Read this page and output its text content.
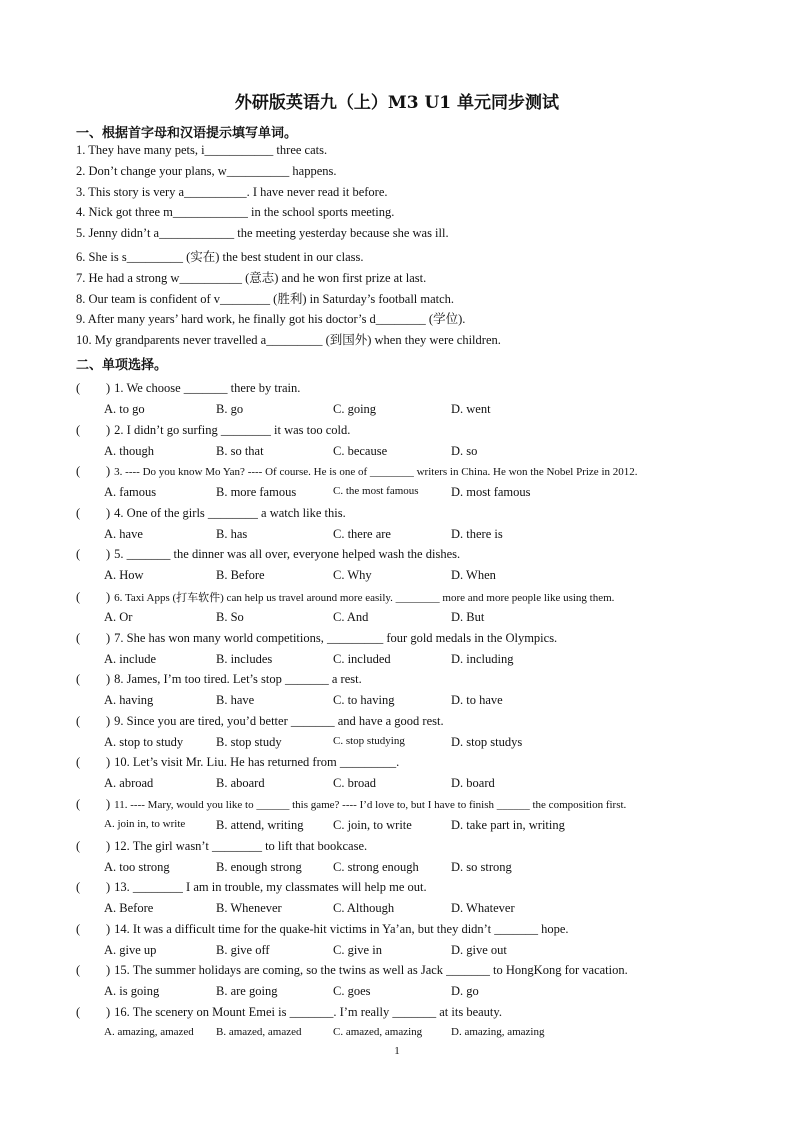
外研版英语九（上）M3 U1 单元同步测试
一、根据首字母和汉语提示填写单词。
1. They have many pets, i___________ three cats.
2. Don’t change your plans, w__________ happens.
3. This story is very a__________. I have never read it before.
4. Nick got three m____________ in the school sports meeting.
5. Jenny didn’t a____________ the meeting yesterday because she was ill.
6. She is s_________ (实在) the best student in our class.
7. He had a strong w__________ (意志) and he won first prize at last.
8. Our team is confident of v________ (胜利) in Saturday’s football match.
9. After many years’ hard work, he finally got his doctor’s d________ (学位).
10. My grandparents never travelled a_________ (到国外) when they were children.
二、单项选择。
( ) 1. We choose _______ there by train.
A. to go	B. go	C. going	D. went
( ) 2. I didn’t go surfing ________ it was too cold.
A. though	B. so that	C. because	D. so
( ) 3. ---- Do you know Mo Yan? ---- Of course. He is one of ________ writers in China. He won the Nobel Prize in 2012.
A. famous	B. more famous	C. the most famous	D. most famous
( ) 4. One of the girls ________ a watch like this.
A. have	B. has	C. there are	D. there is
( ) 5. _______ the dinner was all over, everyone helped wash the dishes.
A. How	B. Before	C. Why	D. When
( ) 6. Taxi Apps (打车软件) can help us travel around more easily. ________ more and more people like using them.
A. Or	B. So	C. And	D. But
( ) 7. She has won many world competitions, _________ four gold medals in the Olympics.
A. include	B. includes	C. included	D. including
( ) 8. James, I’m too tired. Let’s stop _______ a rest.
A. having	B. have	C. to having	D. to have
( ) 9. Since you are tired, you’d better _______ and have a good rest.
A. stop to study	B. stop study	C. stop studying	D. stop studys
( ) 10. Let’s visit Mr. Liu. He has returned from _________.
A. abroad	B. aboard	C. broad	D. board
( ) 11. ---- Mary, would you like to ______ this game? ---- I’d love to, but I have to finish ______ the composition first.
A. join in, to write B. attend, writing C. join, to write	D. take part in, writing
( ) 12. The girl wasn’t ________ to lift that bookcase.
A. too strong	B. enough strong C. strong enough	D. so strong
( ) 13. ________ I am in trouble, my classmates will help me out.
A. Before	B. Whenever	C. Although	D. Whatever
( ) 14. It was a difficult time for the quake-hit victims in Ya’an, but they didn’t _______ hope.
A. give up	B. give off	C. give in	D. give out
( ) 15. The summer holidays are coming, so the twins as well as Jack _______ to HongKong for vacation.
A. is going	B. are going	C. goes	D. go
( ) 16. The scenery on Mount Emei is _______. I’m really _______ at its beauty.
A. amazing, amazed B. amazed, amazed	C. amazed, amazing	D. amazing, amazing
1
